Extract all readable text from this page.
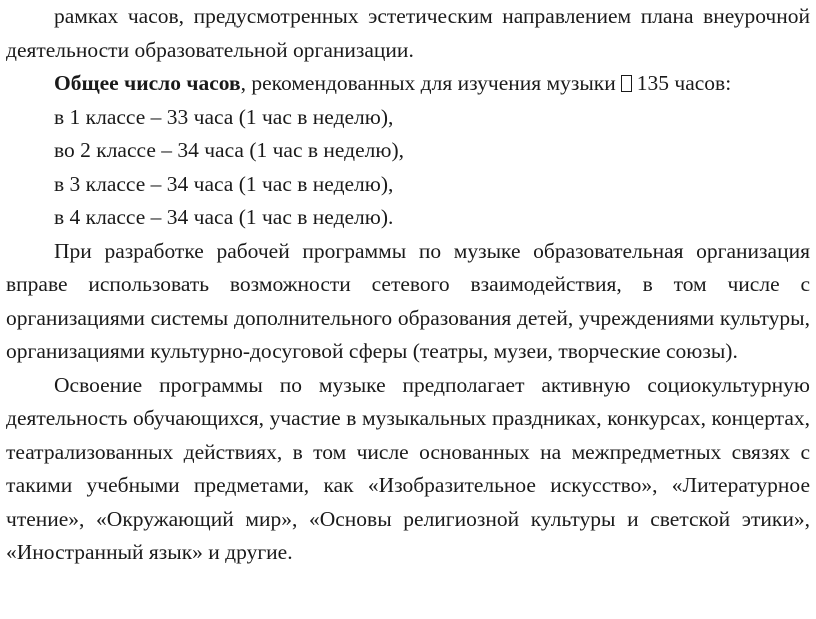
рамках часов, предусмотренных эстетическим направлением плана внеурочной деятельности образовательной организации.

Общее число часов, рекомендованных для изучения музыки 135 часов:

в 1 классе – 33 часа (1 час в неделю),
во 2 классе – 34 часа (1 час в неделю),
в 3 классе – 34 часа (1 час в неделю),
в 4 классе – 34 часа (1 час в неделю).

При разработке рабочей программы по музыке образовательная организация вправе использовать возможности сетевого взаимодействия, в том числе с организациями системы дополнительного образования детей, учреждениями культуры, организациями культурно-досуговой сферы (театры, музеи, творческие союзы).

Освоение программы по музыке предполагает активную социокультурную деятельность обучающихся, участие в музыкальных праздниках, конкурсах, концертах, театрализованных действиях, в том числе основанных на межпредметных связях с такими учебными предметами, как «Изобразительное искусство», «Литературное чтение», «Окружающий мир», «Основы религиозной культуры и светской этики», «Иностранный язык» и другие.
